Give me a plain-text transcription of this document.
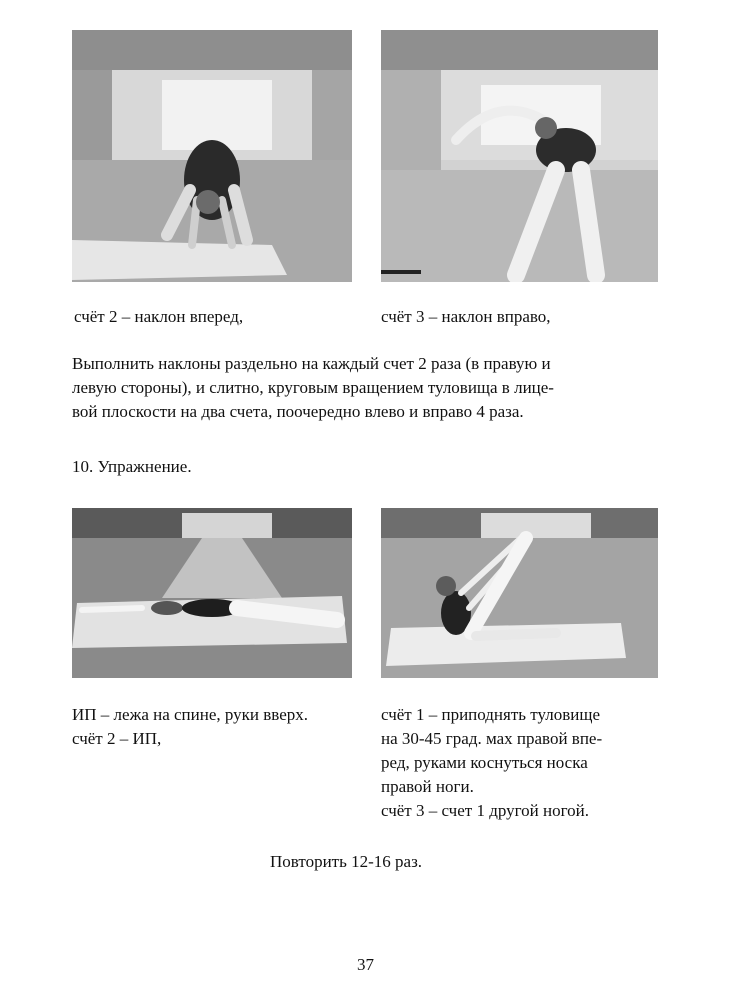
счёт 2 – наклон вперед,	счёт 3 – наклон вправо,

Выполнить наклоны раздельно на каждый счет 2 раза (в правую и

левую стороны), и слитно, круговым вращением туловища в лице-

вой плоскости на два счета, поочередно влево и вправо 4 раза.

10. Упражнение.
ИП – лежа на спине, руки вверх.
счёт 2 – ИП,
счёт 1 – приподнять туловище
на 30-45 град. мах правой впе-
ред, руками коснуться носка
правой ноги.
счёт 3 – счет 1 другой ногой.
Повторить 12-16 раз.
37
